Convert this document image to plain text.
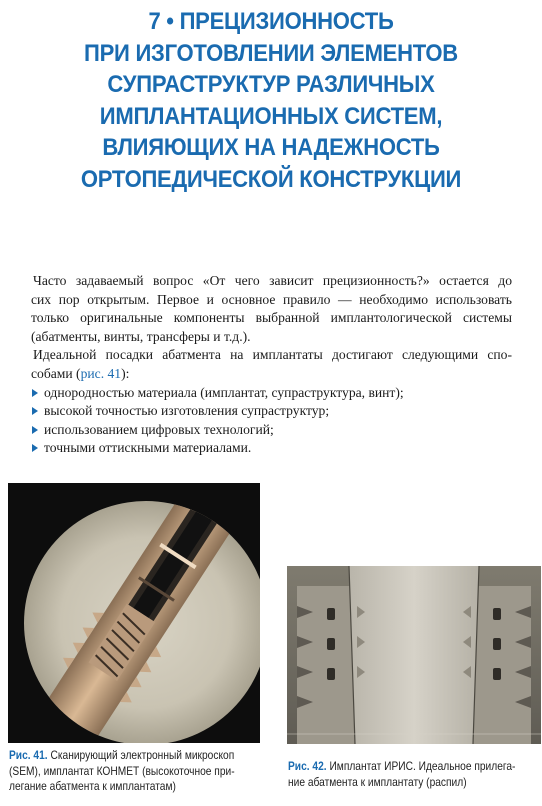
7 • ПРЕЦИЗИОННОСТЬ
ПРИ ИЗГОТОВЛЕНИИ ЭЛЕМЕНТОВ
СУПРАСТРУКТУР РАЗЛИЧНЫХ
ИМПЛАНТАЦИОННЫХ СИСТЕМ,
ВЛИЯЮЩИХ НА НАДЕЖНОСТЬ
ОРТОПЕДИЧЕСКОЙ КОНСТРУКЦИИ

Часто задаваемый вопрос «От чего зависит прецизионность?» остается до
сих пор открытым. Первое и основное правило — необходимо использовать
только оригинальные компоненты выбранной имплантологической системы
(абатменты, винты, трансферы и т.д.).

Идеальной посадки абатмента на имплантаты достигают следующими спо-
собами (рис. 41):

однородностью материала (имплантат, супраструктура, винт);
высокой точностью изготовления супраструктур;
использованием цифровых технологий;
точными оттискными материалами.
Рис. 41. Сканирующий электронный микроскоп
(SEM), имплантат КОНМЕТ (высокоточное при-
легание абатмента к имплантатам)
Рис. 42. Имплантат ИРИС. Идеальное прилега-
ние абатмента к имплантату (распил)
